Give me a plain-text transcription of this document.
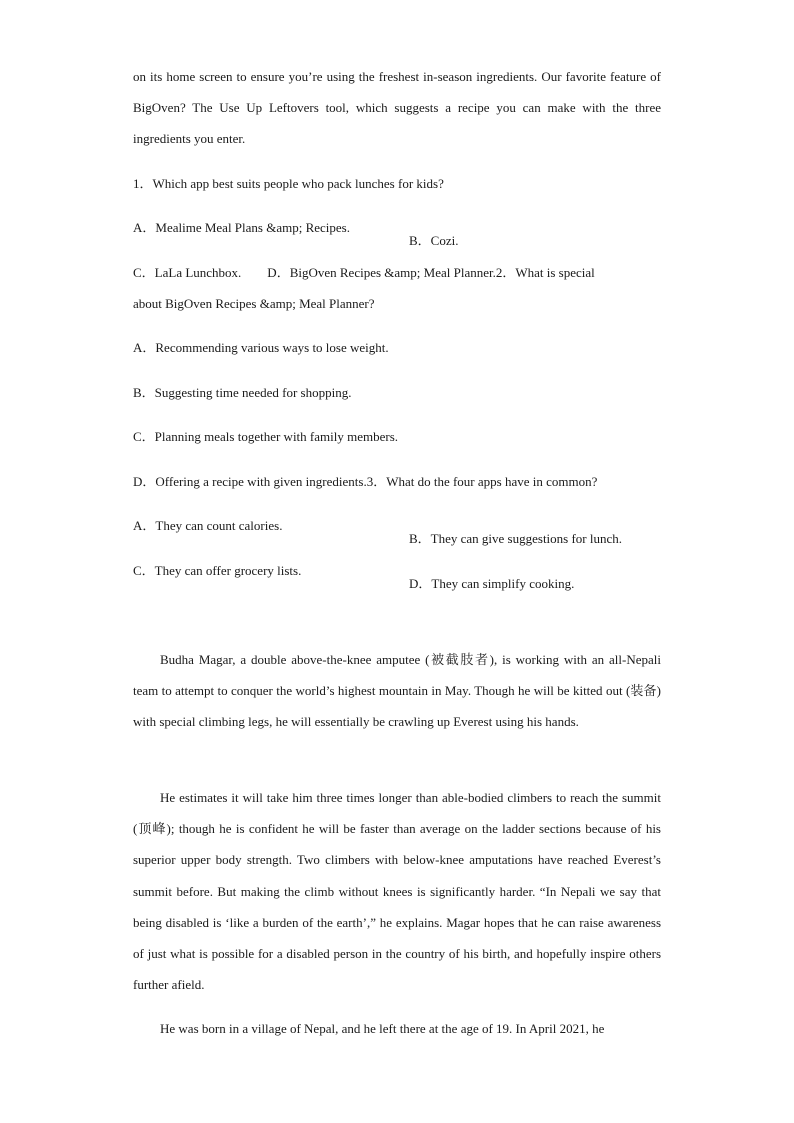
on its home screen to ensure you’re using the freshest in-season ingredients. Our favorite feature of BigOven? The Use Up Leftovers tool, which suggests a recipe you can make with the three ingredients you enter.

1．Which app best suits people who pack lunches for kids?

A．Mealime Meal Plans &amp; Recipes.

B．Cozi.

C．LaLa Lunchbox.　　D．BigOven Recipes &amp; Meal Planner.2．What is special

about BigOven Recipes &amp; Meal Planner?

A．Recommending various ways to lose weight.

B．Suggesting time needed for shopping.

C．Planning meals together with family members.

D．Offering a recipe with given ingredients.3．What do the four apps have in common?

A．They can count calories.

B．They can give suggestions for lunch.

C．They can offer grocery lists.

D．They can simplify cooking.

Budha Magar, a double above-the-knee amputee (被截肢者), is working with an all-Nepali team to attempt to conquer the world’s highest mountain in May. Though he will be kitted out (装备) with special climbing legs, he will essentially be crawling up Everest using his hands.

He estimates it will take him three times longer than able-bodied climbers to reach the summit (顶峰); though he is confident he will be faster than average on the ladder sections because of his superior upper body strength. Two climbers with below-knee amputations have reached Everest’s summit before. But making the climb without knees is significantly harder. “In Nepali we say that being disabled is ‘like a burden of the earth’,” he explains. Magar hopes that he can raise awareness of just what is possible for a disabled person in the country of his birth, and hopefully inspire others further afield.

He was born in a village of Nepal, and he left there at the age of 19. In April 2021, he
